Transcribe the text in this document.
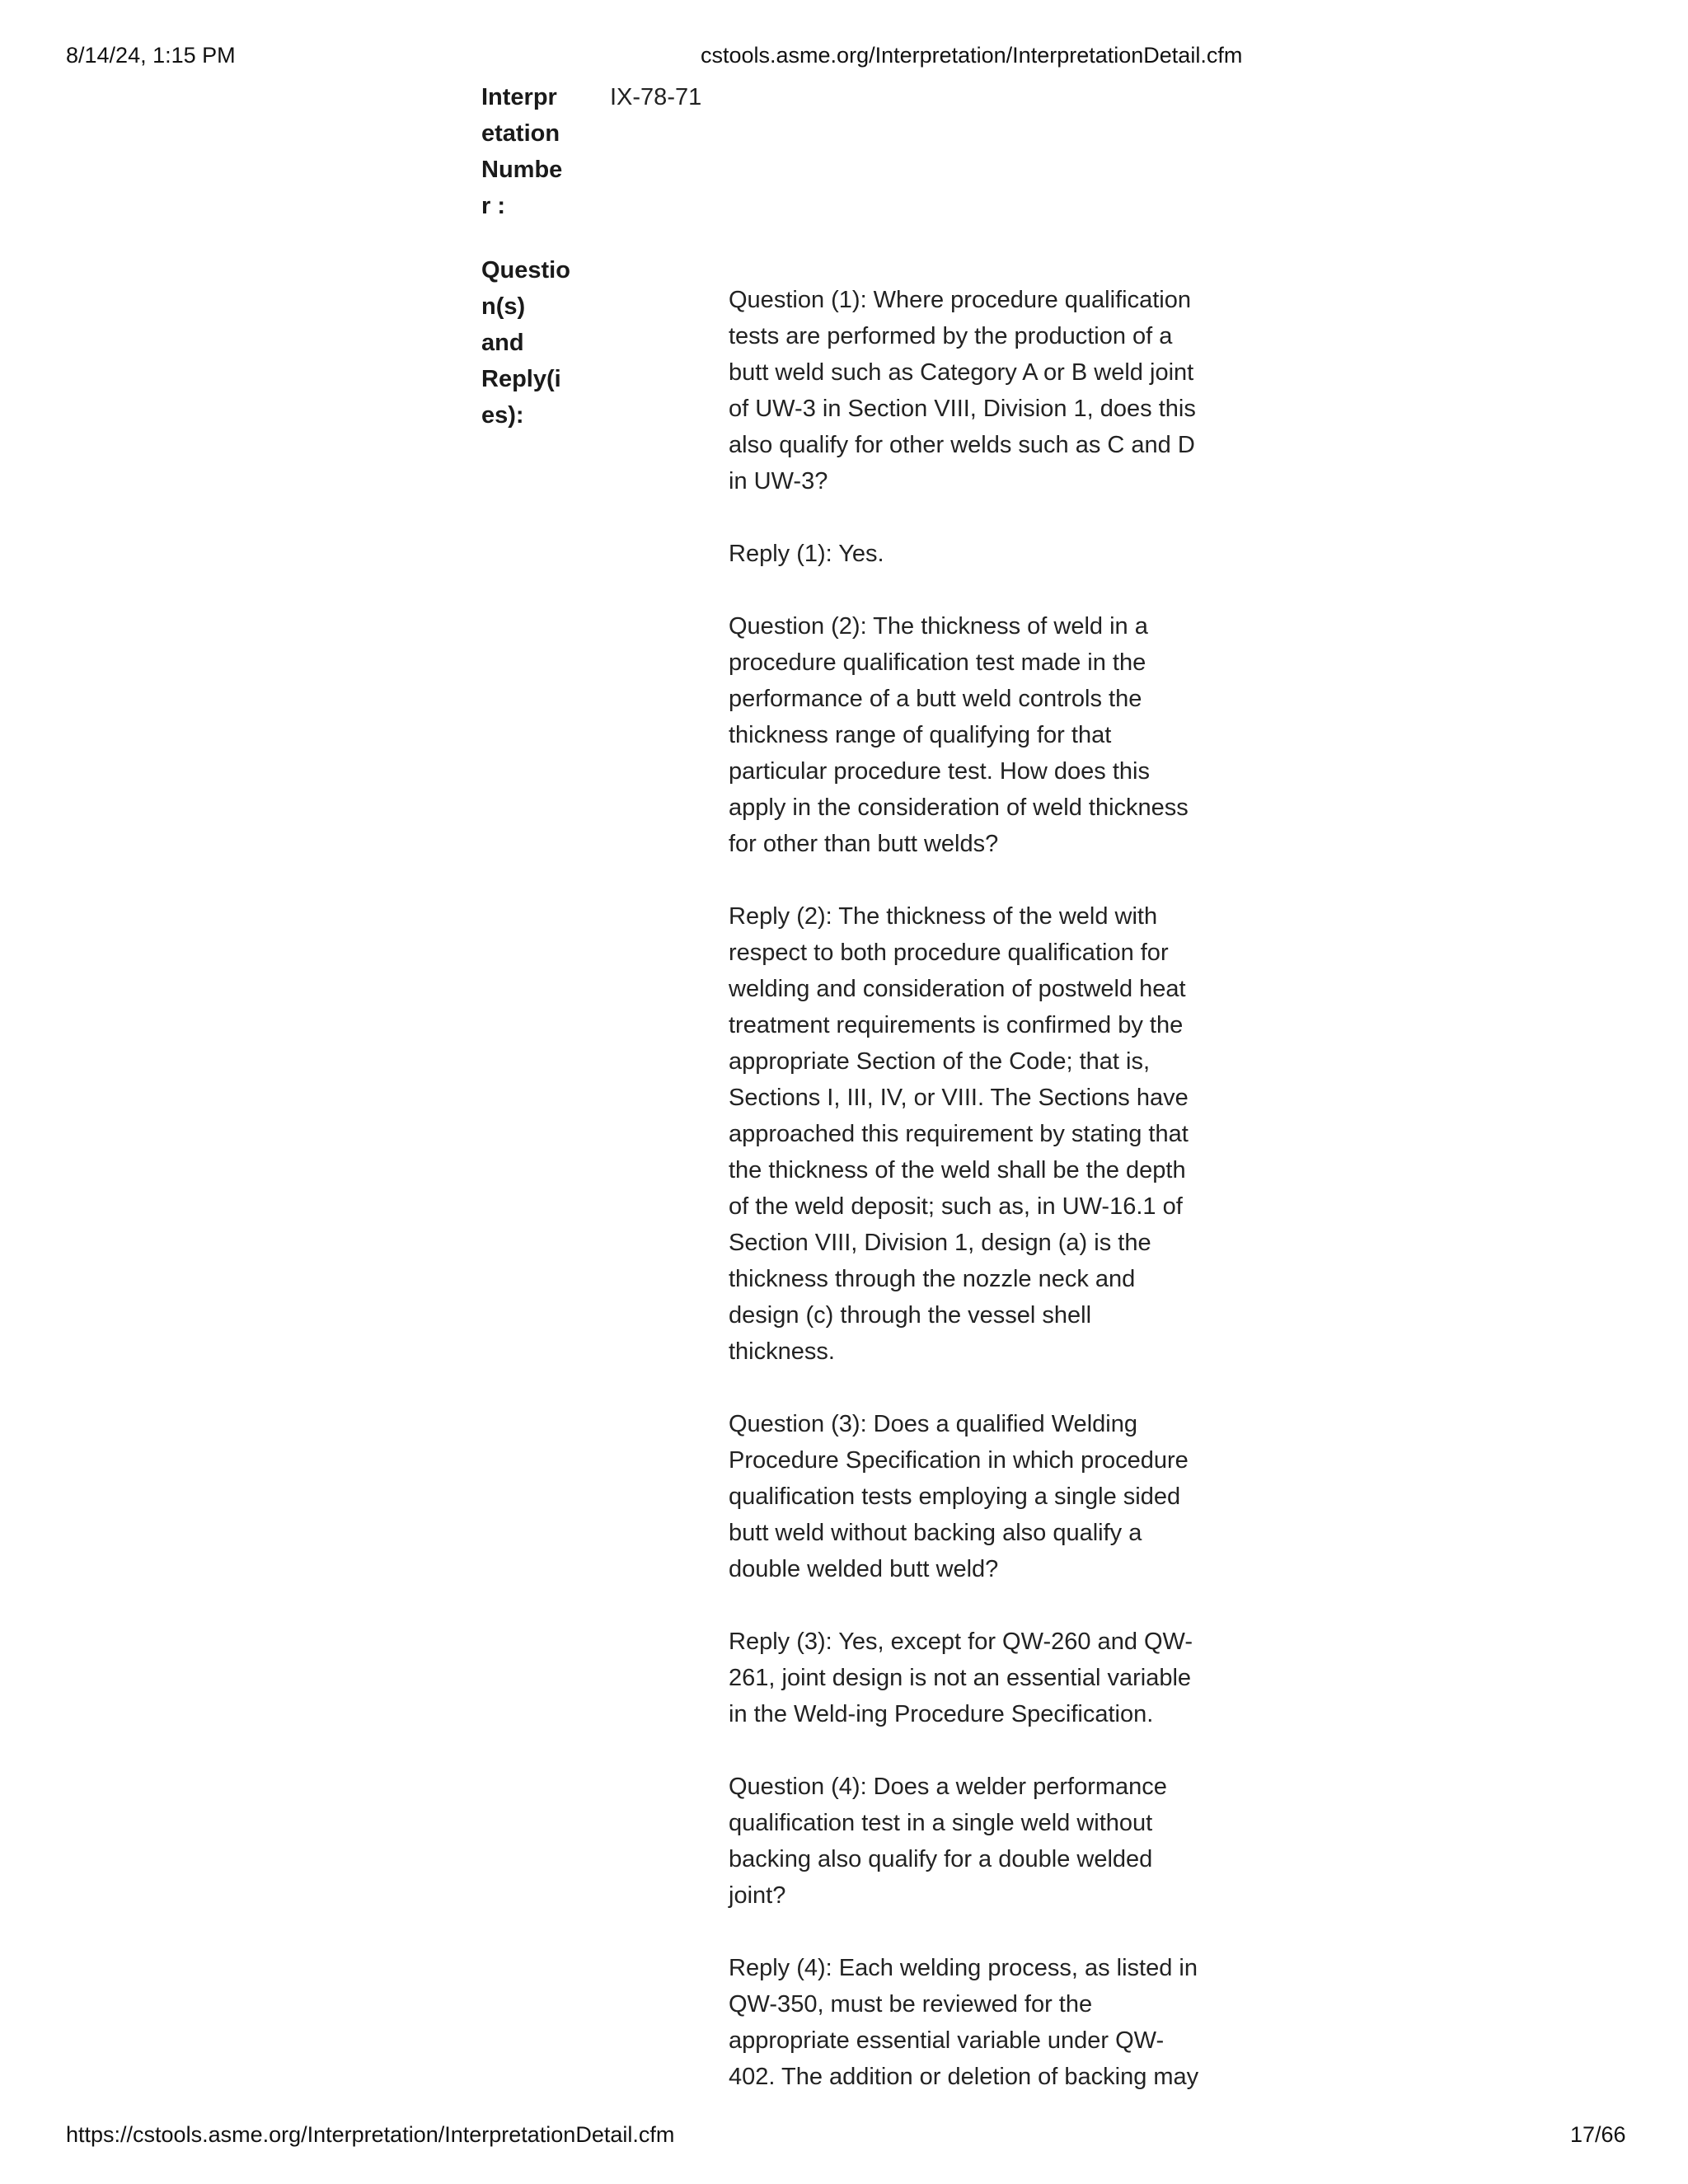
8/14/24, 1:15 PM	cstools.asme.org/Interpretation/InterpretationDetail.cfm
Interpr
etation
Numbe
r :
IX-78-71
Questio
n(s)
and
Reply(i
es):

Question (1): Where procedure qualification
tests are performed by the production of a
butt weld such as Category A or B weld joint
of UW-3 in Section VIII, Division 1, does this
also qualify for other welds such as C and D
in UW-3?

Reply (1): Yes.

Question (2): The thickness of weld in a
procedure qualification test made in the
performance of a butt weld controls the
thickness range of qualifying for that
particular procedure test. How does this
apply in the consideration of weld thickness
for other than butt welds?

Reply (2): The thickness of the weld with
respect to both procedure qualification for
welding and consideration of postweld heat
treatment requirements is confirmed by the
appropriate Section of the Code; that is,
Sections I, III, IV, or VIII. The Sections have
approached this requirement by stating that
the thickness of the weld shall be the depth
of the weld deposit; such as, in UW-16.1 of
Section VIII, Division 1, design (a) is the
thickness through the nozzle neck and
design (c) through the vessel shell
thickness.

Question (3): Does a qualified Welding
Procedure Specification in which procedure
qualification tests employing a single sided
butt weld without backing also qualify a
double welded butt weld?

Reply (3): Yes, except for QW-260 and QW-
261, joint design is not an essential variable
in the Weld-ing Procedure Specification.

Question (4): Does a welder performance
qualification test in a single weld without
backing also qualify for a double welded
joint?

Reply (4): Each welding process, as listed in
QW-350, must be reviewed for the
appropriate essential variable under QW-
402. The addition or deletion of backing may

https://cstools.asme.org/Interpretation/InterpretationDetail.cfm	17/66
